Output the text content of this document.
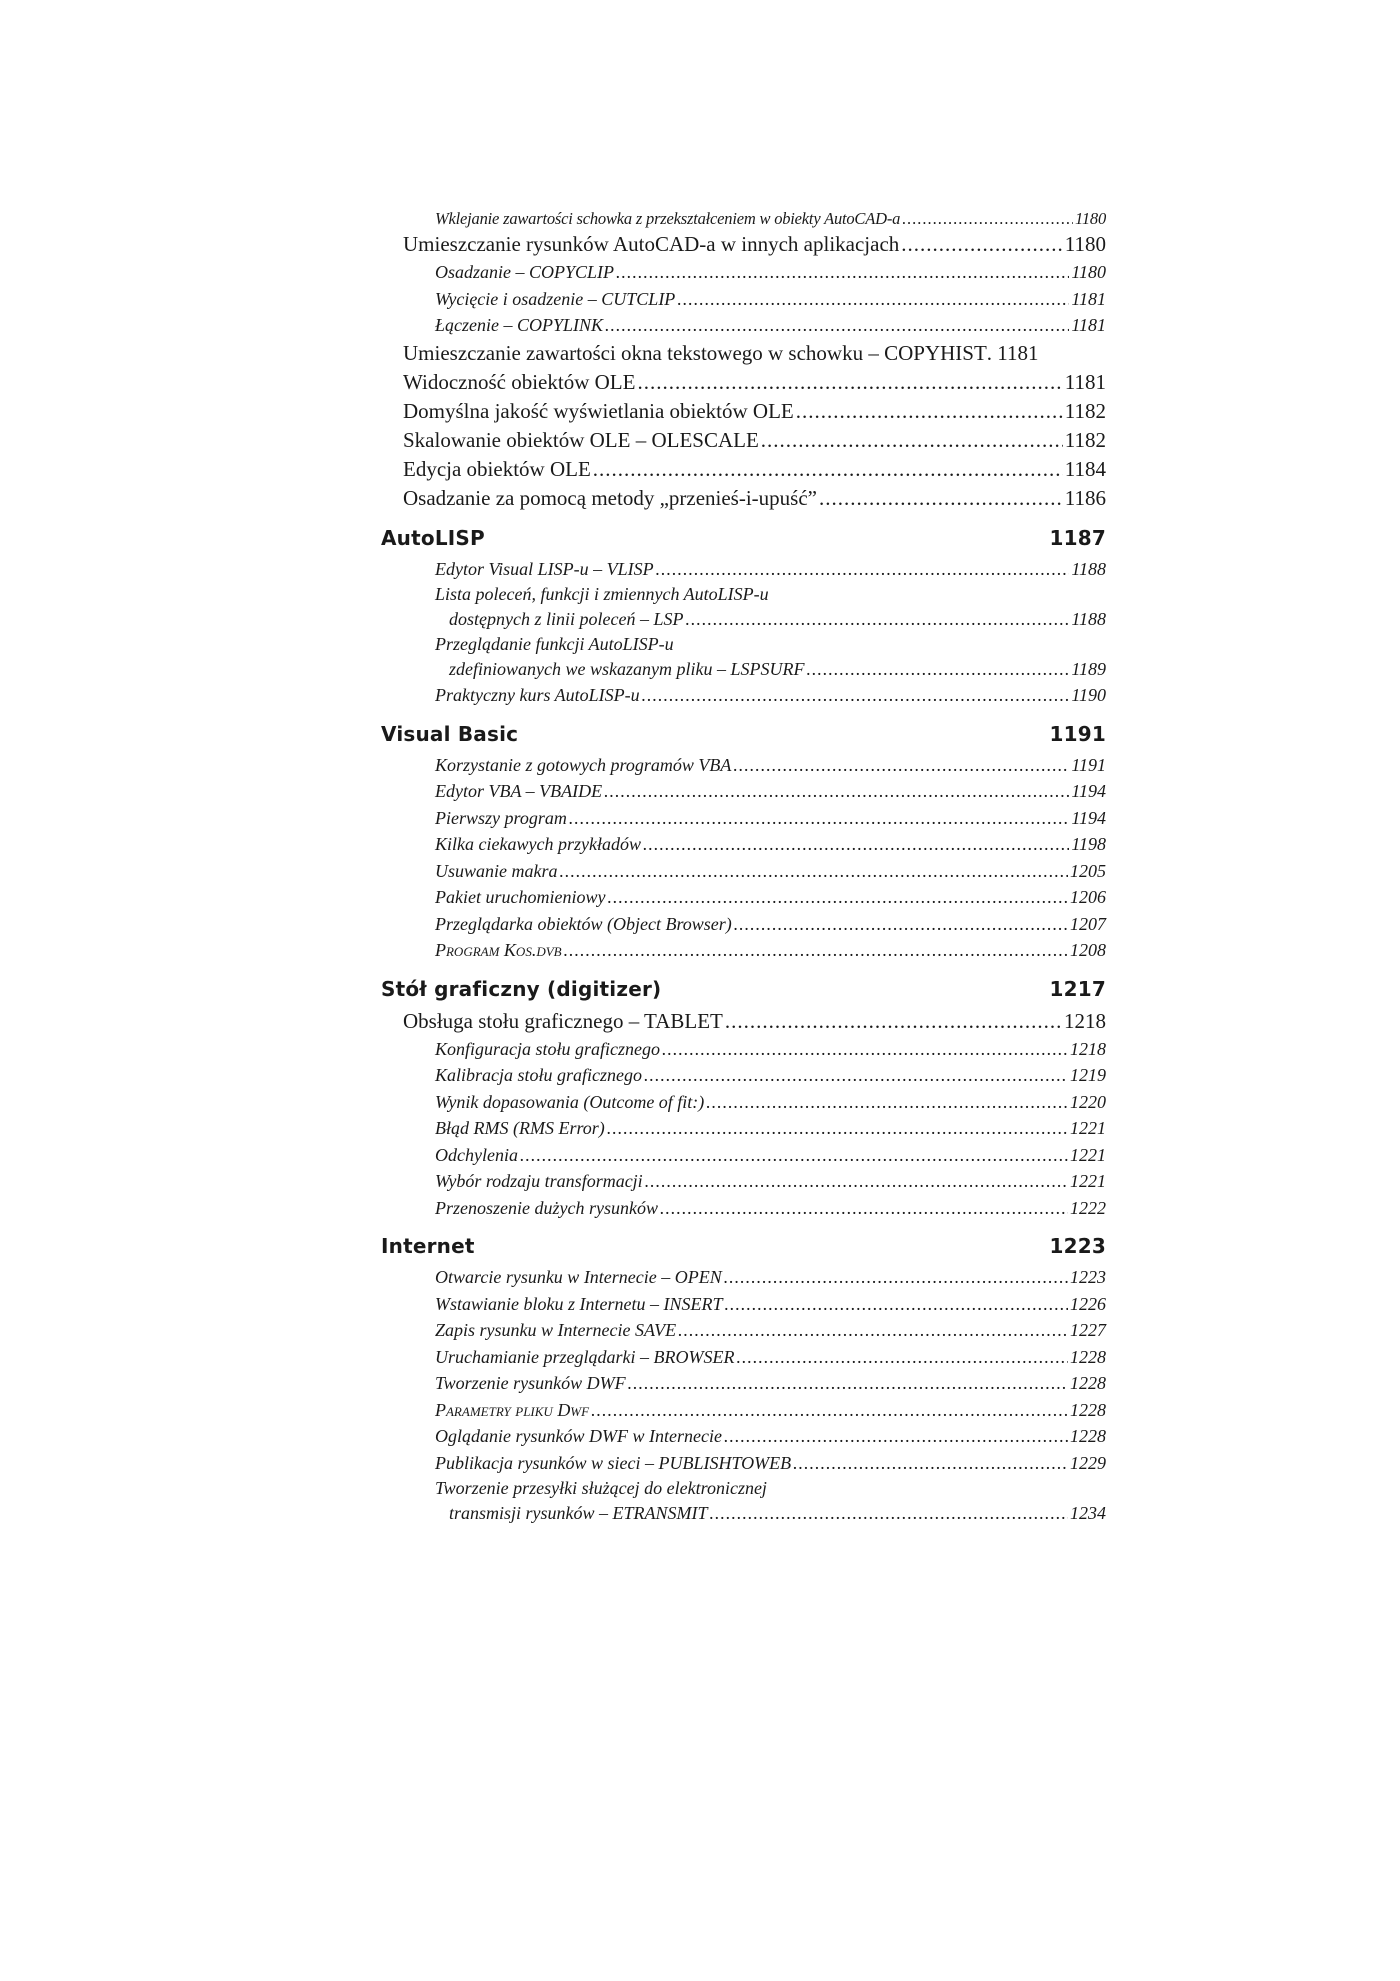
Wklejanie zawartości schowka z przekształceniem w obiekty AutoCAD-a .....	1180
Umieszczanie rysunków AutoCAD-a w innych aplikacjach .....	1180
Osadzanie – COPYCLIP .....	1180
Wycięcie i osadzenie – CUTCLIP .....	1181
Łączenie – COPYLINK .....	1181
Umieszczanie zawartości okna tekstowego w schowku – COPYHIST . 1181
Widoczność obiektów OLE .....	1181
Domyślna jakość wyświetlania obiektów OLE .....	1182
Skalowanie obiektów OLE – OLESCALE .....	1182
Edycja obiektów OLE .....	1184
Osadzanie za pomocą metody „przenieś-i-upuść” .....	1186
AutoLISP	1187
Edytor Visual LISP-u – VLISP .....	1188
Lista poleceń, funkcji i zmiennych AutoLISP-u
dostępnych z linii poleceń – LSP .....	1188
Przeglądanie funkcji AutoLISP-u
zdefiniowanych we wskazanym pliku – LSPSURF .....	1189
Praktyczny kurs AutoLISP-u .....	1190
Visual Basic	1191
Korzystanie z gotowych programów VBA .....	1191
Edytor VBA – VBAIDE .....	1194
Pierwszy program .....	1194
Kilka ciekawych przykładów .....	1198
Usuwanie makra .....	1205
Pakiet uruchomieniowy .....	1206
Przeglądarka obiektów (Object Browser) .....	1207
Program Kos.dvb .....	1208
Stół graficzny (digitizer)	1217
Obsługa stołu graficznego – TABLET .....	1218
Konfiguracja stołu graficznego .....	1218
Kalibracja stołu graficznego .....	1219
Wynik dopasowania (Outcome of fit:) .....	1220
Błąd RMS (RMS Error) .....	1221
Odchylenia .....	1221
Wybór rodzaju transformacji .....	1221
Przenoszenie dużych rysunków .....	1222
Internet	1223
Otwarcie rysunku w Internecie – OPEN .....	1223
Wstawianie bloku z Internetu – INSERT .....	1226
Zapis rysunku w Internecie SAVE .....	1227
Uruchamianie przeglądarki – BROWSER .....	1228
Tworzenie rysunków DWF .....	1228
Parametry pliku Dwf .....	1228
Oglądanie rysunków DWF w Internecie .....	1228
Publikacja rysunków w sieci – PUBLISHTOWEB .....	1229
Tworzenie przesyłki służącej do elektronicznej
transmisji rysunków – ETRANSMIT .....	1234
